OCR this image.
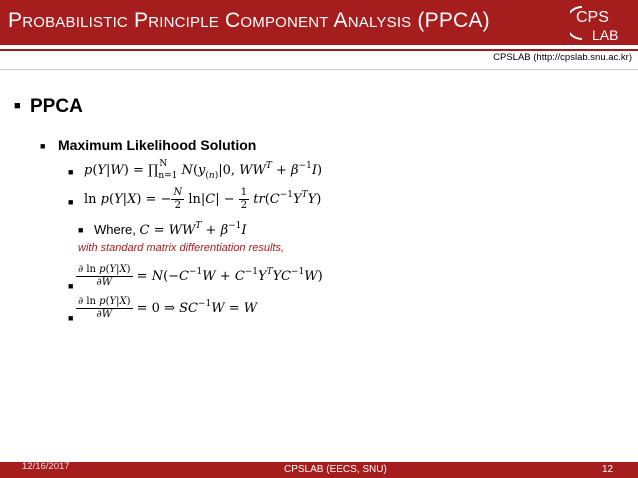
Probabilistic Principle Component Analysis (PPCA)	CPS
LAB
CPSLAB (http://cpslab.snu.ac.kr)
■ PPCA
■ Maximum Likelihood Solution
■ p(Y|W) = ∏ $_{N n=1}$ $N(y_{(n)}|0$, $WW^T + \beta^{-1}I$)
■ ln p(Y|X) = − $\frac{N}{2} \ln|C| - \frac{1}{2} tr(C^{-1}Y^TY)$
■ Where, $C = WW^T + \beta^{-1}I$
with standard matrix differentiation results,
■ $\frac{\text{∂ ln p(Y|X)}}{\partial W} = N(-C^{-1}W + C^{-1}Y^TYC^{-1}W)$
■ $\frac{\text{∂ ln p(Y|X)}}{\partial W} = 0$ ⇒ $SC^{-1}W = W$
12/16/2017	CPSLAB (EECS, SNU)	12
